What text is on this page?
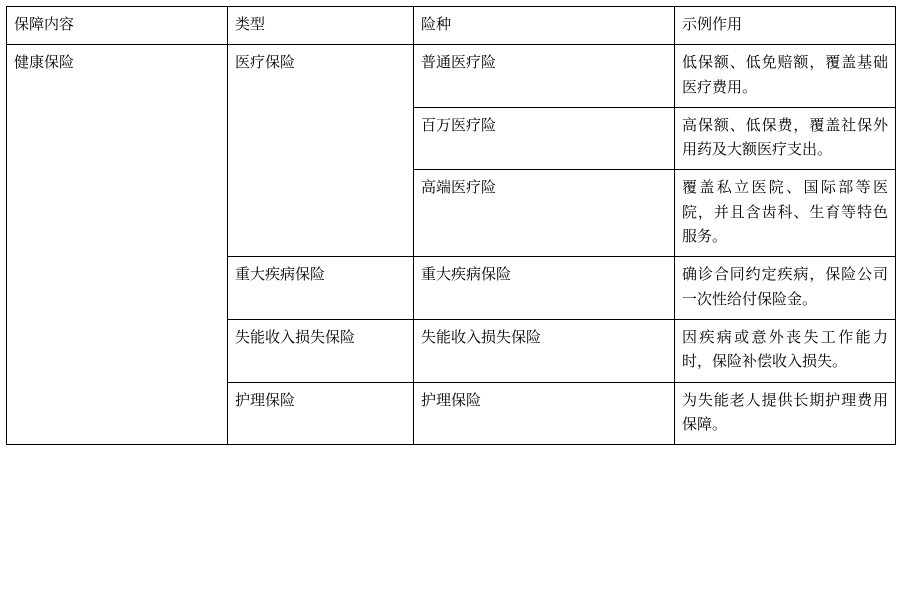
保障内容	类型	险种	示例作用

健康保险	医疗保险	普通医疗险	低保额、低免赔额，覆盖基础医疗费用。

		百万医疗险	高保额、低保费，覆盖社保外用药及大额医疗支出。

		高端医疗险	覆盖私立医院、国际部等医院，并且含齿科、生育等特色服务。

	重大疾病保险	重大疾病保险	确诊合同约定疾病，保险公司一次性给付保险金。

	失能收入损失保险	失能收入损失保险	因疾病或意外丧失工作能力时，保险补偿收入损失。

	护理保险	护理保险	为失能老人提供长期护理费用保障。
